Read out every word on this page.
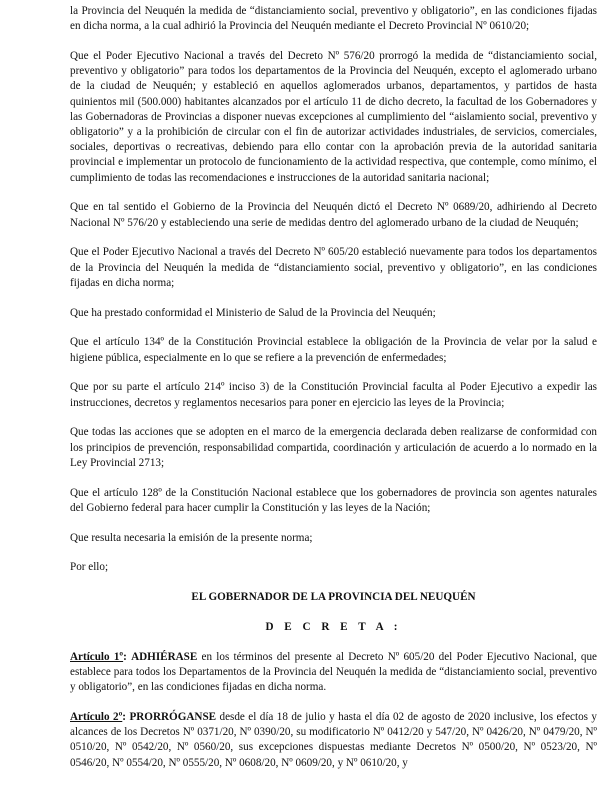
la Provincia del Neuquén la medida de “distanciamiento social, preventivo y obligatorio”, en las condiciones fijadas en dicha norma, a la cual adhirió la Provincia del Neuquén mediante el Decreto Provincial Nº 0610/20;

Que el Poder Ejecutivo Nacional a través del Decreto Nº 576/20 prorrogó la medida de “distanciamiento social, preventivo y obligatorio” para todos los departamentos de la Provincia del Neuquén, excepto el aglomerado urbano de la ciudad de Neuquén; y estableció en aquellos aglomerados urbanos, departamentos, y partidos de hasta quinientos mil (500.000) habitantes alcanzados por el artículo 11 de dicho decreto, la facultad de los Gobernadores y las Gobernadoras de Provincias a disponer nuevas excepciones al cumplimiento del “aislamiento social, preventivo y obligatorio” y a la prohibición de circular con el fin de autorizar actividades industriales, de servicios, comerciales, sociales, deportivas o recreativas, debiendo para ello contar con la aprobación previa de la autoridad sanitaria provincial e implementar un protocolo de funcionamiento de la actividad respectiva, que contemple, como mínimo, el cumplimiento de todas las recomendaciones e instrucciones de la autoridad sanitaria nacional;

Que en tal sentido el Gobierno de la Provincia del Neuquén dictó el Decreto Nº 0689/20, adhiriendo al Decreto Nacional Nº 576/20 y estableciendo una serie de medidas dentro del aglomerado urbano de la ciudad de Neuquén;

Que el Poder Ejecutivo Nacional a través del Decreto Nº 605/20 estableció nuevamente para todos los departamentos de la Provincia del Neuquén la medida de “distanciamiento social, preventivo y obligatorio”, en las condiciones fijadas en dicha norma;

Que ha prestado conformidad el Ministerio de Salud de la Provincia del Neuquén;

Que el artículo 134º de la Constitución Provincial establece la obligación de la Provincia de velar por la salud e higiene pública, especialmente en lo que se refiere a la prevención de enfermedades;

Que por su parte el artículo 214º inciso 3) de la Constitución Provincial faculta al Poder Ejecutivo a expedir las instrucciones, decretos y reglamentos necesarios para poner en ejercicio las leyes de la Provincia;

Que todas las acciones que se adopten en el marco de la emergencia declarada deben realizarse de conformidad con los principios de prevención, responsabilidad compartida, coordinación y articulación de acuerdo a lo normado en la Ley Provincial 2713;

Que el artículo 128º de la Constitución Nacional establece que los gobernadores de provincia son agentes naturales del Gobierno federal para hacer cumplir la Constitución y las leyes de la Nación;

Que resulta necesaria la emisión de la presente norma;

Por ello;

EL GOBERNADOR DE LA PROVINCIA DEL NEUQUÉN

D E C R E T A :

Artículo 1º: ADHIÉRASE en los términos del presente al Decreto Nº 605/20 del Poder Ejecutivo Nacional, que establece para todos los Departamentos de la Provincia del Neuquén la medida de “distanciamiento social, preventivo y obligatorio”, en las condiciones fijadas en dicha norma.

Artículo 2º: PRORRÓGANSE desde el día 18 de julio y hasta el día 02 de agosto de 2020 inclusive, los efectos y alcances de los Decretos Nº 0371/20, Nº 0390/20, su modificatorio Nº 0412/20 y 547/20, Nº 0426/20, Nº 0479/20, Nº 0510/20, Nº 0542/20, Nº 0560/20, sus excepciones dispuestas mediante Decretos Nº 0500/20, Nº 0523/20, Nº 0546/20, Nº 0554/20, Nº 0555/20, Nº 0608/20, Nº 0609/20, y Nº 0610/20, y
